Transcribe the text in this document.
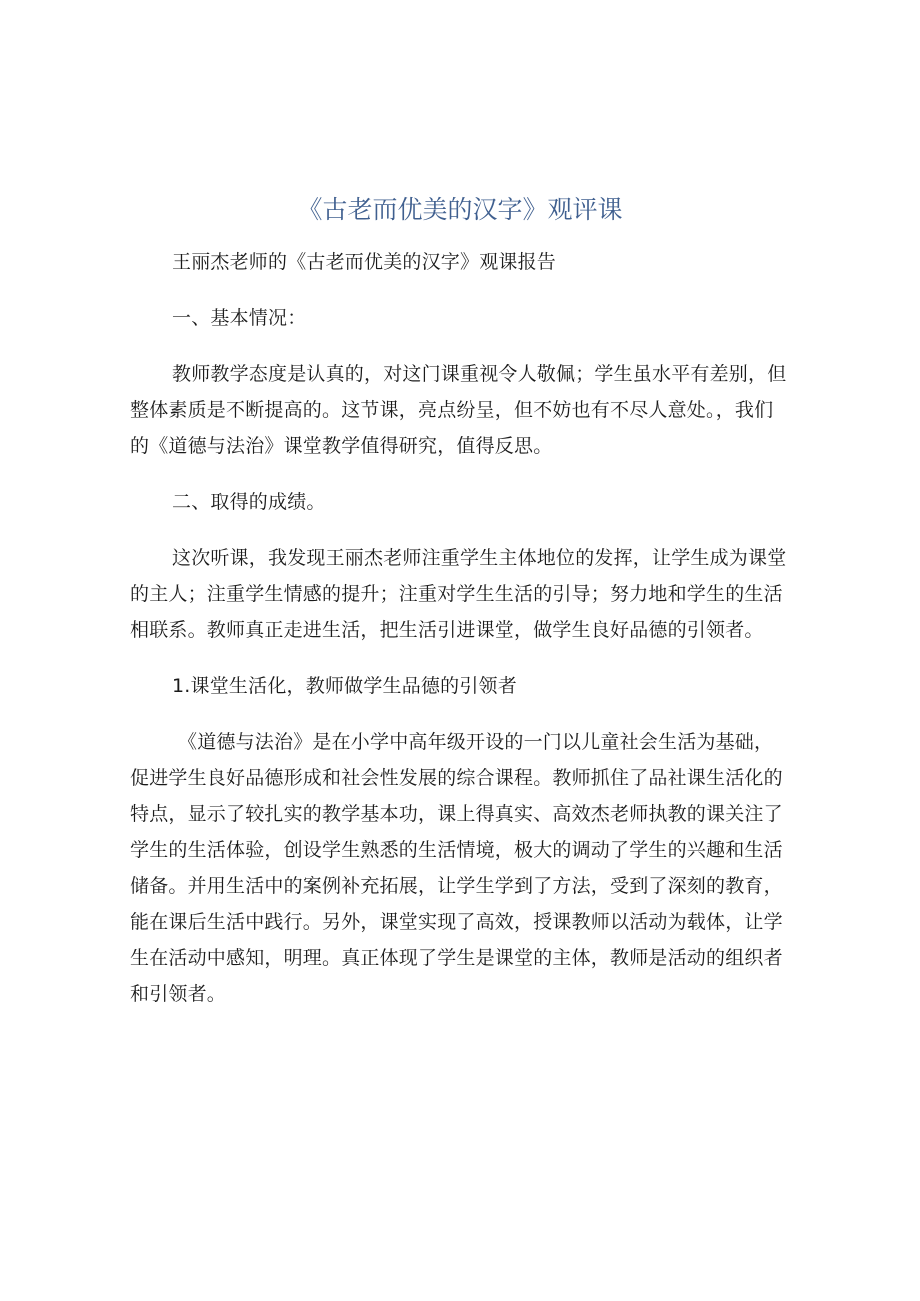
《古老而优美的汉字》观评课

王丽杰老师的《古老而优美的汉字》观课报告

一、基本情况：

教师教学态度是认真的，对这门课重视令人敬佩；学生虽水平有差别，但整体素质是不断提高的。这节课，亮点纷呈，但不妨也有不尽人意处。，我们的《道德与法治》课堂教学值得研究，值得反思。

二、取得的成绩。

这次听课，我发现王丽杰老师注重学生主体地位的发挥，让学生成为课堂的主人；注重学生情感的提升；注重对学生生活的引导；努力地和学生的生活相联系。教师真正走进生活，把生活引进课堂，做学生良好品德的引领者。

1.课堂生活化，教师做学生品德的引领者

《道德与法治》是在小学中高年级开设的一门以儿童社会生活为基础，促进学生良好品德形成和社会性发展的综合课程。教师抓住了品社课生活化的特点，显示了较扎实的教学基本功，课上得真实、高效杰老师执教的课关注了学生的生活体验，创设学生熟悉的生活情境，极大的调动了学生的兴趣和生活储备。并用生活中的案例补充拓展，让学生学到了方法，受到了深刻的教育，能在课后生活中践行。另外，课堂实现了高效，授课教师以活动为载体，让学生在活动中感知，明理。真正体现了学生是课堂的主体，教师是活动的组织者和引领者。
